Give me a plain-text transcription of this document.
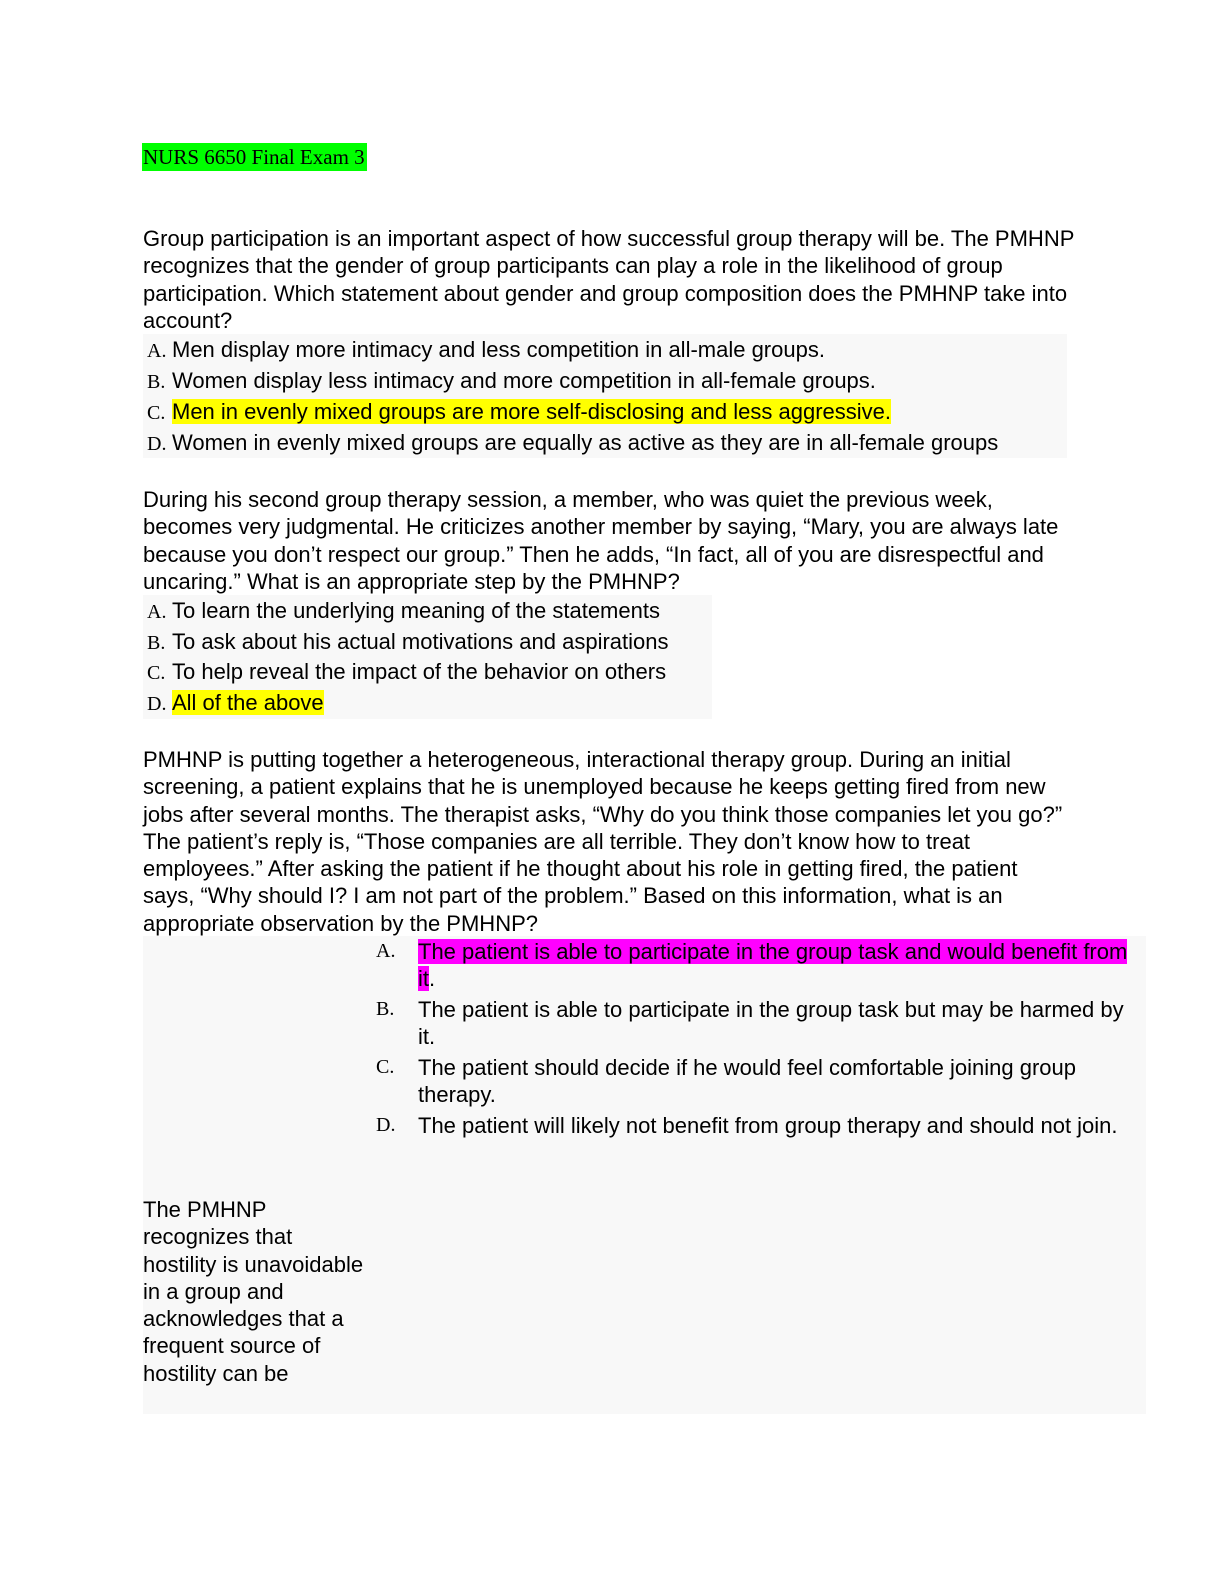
NURS 6650 Final Exam 3
Group participation is an important aspect of how successful group therapy will be. The PMHNP recognizes that the gender of group participants can play a role in the likelihood of group participation. Which statement about gender and group composition does the PMHNP take into account?
A. Men display more intimacy and less competition in all-male groups.
B. Women display less intimacy and more competition in all-female groups.
C. Men in evenly mixed groups are more self-disclosing and less aggressive.
D. Women in evenly mixed groups are equally as active as they are in all-female groups
During his second group therapy session, a member, who was quiet the previous week, becomes very judgmental. He criticizes another member by saying, “Mary, you are always late because you don’t respect our group.” Then he adds, “In fact, all of you are disrespectful and uncaring.” What is an appropriate step by the PMHNP?
A. To learn the underlying meaning of the statements
B. To ask about his actual motivations and aspirations
C. To help reveal the impact of the behavior on others
D. All of the above
PMHNP is putting together a heterogeneous, interactional therapy group. During an initial screening, a patient explains that he is unemployed because he keeps getting fired from new jobs after several months. The therapist asks, “Why do you think those companies let you go?” The patient’s reply is, “Those companies are all terrible. They don’t know how to treat employees.” After asking the patient if he thought about his role in getting fired, the patient says, “Why should I? I am not part of the problem.” Based on this information, what is an appropriate observation by the PMHNP?
A.	The patient is able to participate in the group task and would benefit from it.
B.	The patient is able to participate in the group task but may be harmed by it.
C.	The patient should decide if he would feel comfortable joining group therapy.
D.	The patient will likely not benefit from group therapy and should not join.
The PMHNP recognizes that hostility is unavoidable in a group and acknowledges that a frequent source of hostility can be
